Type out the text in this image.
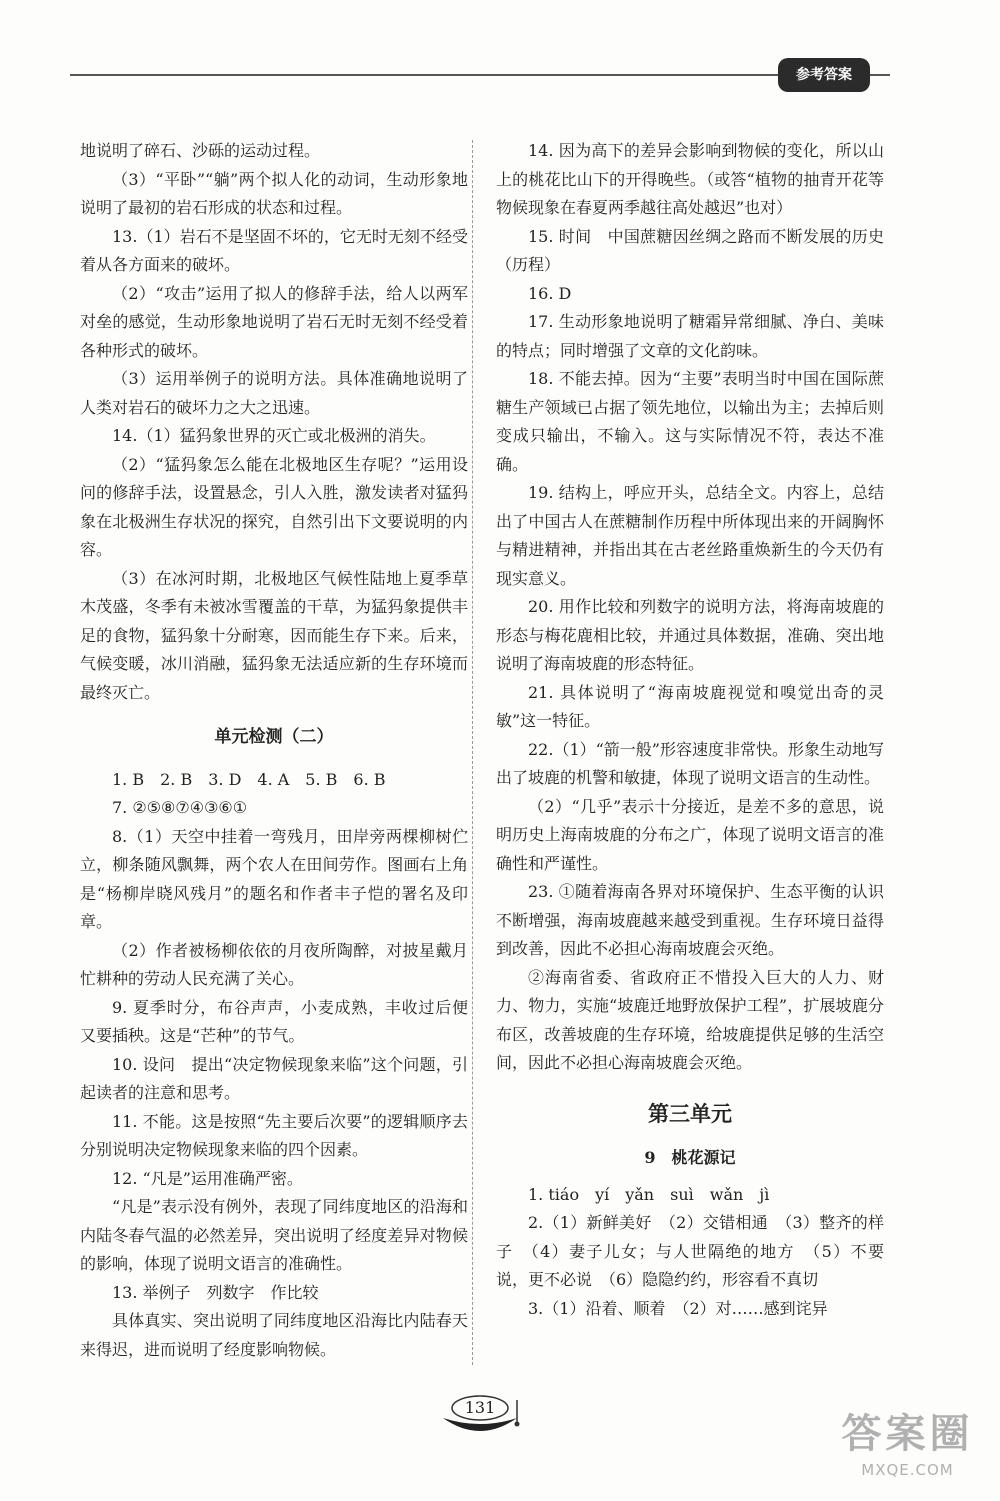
参考答案
地说明了碎石、沙砾的运动过程。
（3）“平卧”“躺”两个拟人化的动词，生动形象地说明了最初的岩石形成的状态和过程。
13.（1）岩石不是坚固不坏的，它无时无刻不经受着从各方面来的破坏。
（2）“攻击”运用了拟人的修辞手法，给人以两军对垒的感觉，生动形象地说明了岩石无时无刻不经受着各种形式的破坏。
（3）运用举例子的说明方法。具体准确地说明了人类对岩石的破坏力之大之迅速。
14.（1）猛犸象世界的灭亡或北极洲的消失。
（2）“猛犸象怎么能在北极地区生存呢？”运用设问的修辞手法，设置悬念，引人入胜，激发读者对猛犸象在北极洲生存状况的探究，自然引出下文要说明的内容。
（3）在冰河时期，北极地区气候性陆地上夏季草木茂盛，冬季有未被冰雪覆盖的干草，为猛犸象提供丰足的食物，猛犸象十分耐寒，因而能生存下来。后来，气候变暖，冰川消融，猛犸象无法适应新的生存环境而最终灭亡。
单元检测（二）
1. B　2. B　3. D　4. A　5. B　6. B
7. ②⑤⑧⑦④③⑥①
8.（1）天空中挂着一弯残月，田岸旁两棵柳树伫立，柳条随风飘舞，两个农人在田间劳作。图画右上角是“杨柳岸晓风残月”的题名和作者丰子恺的署名及印章。
（2）作者被杨柳依依的月夜所陶醉，对披星戴月忙耕种的劳动人民充满了关心。
9. 夏季时分，布谷声声，小麦成熟，丰收过后便又要插秧。这是“芒种”的节气。
10. 设问　提出“决定物候现象来临”这个问题，引起读者的注意和思考。
11. 不能。这是按照“先主要后次要”的逻辑顺序去分别说明决定物候现象来临的四个因素。
12. “凡是”运用准确严密。
“凡是”表示没有例外，表现了同纬度地区的沿海和内陆冬春气温的必然差异，突出说明了经度差异对物候的影响，体现了说明文语言的准确性。
13. 举例子　列数字　作比较
具体真实、突出说明了同纬度地区沿海比内陆春天来得迟，进而说明了经度影响物候。
14. 因为高下的差异会影响到物候的变化，所以山上的桃花比山下的开得晚些。（或答“植物的抽青开花等物候现象在春夏两季越往高处越迟”也对）
15. 时间　中国蔗糖因丝绸之路而不断发展的历史（历程）
16. D
17. 生动形象地说明了糖霜异常细腻、净白、美味的特点；同时增强了文章的文化韵味。
18. 不能去掉。因为“主要”表明当时中国在国际蔗糖生产领域已占据了领先地位，以输出为主；去掉后则变成只输出，不输入。这与实际情况不符，表达不准确。
19. 结构上，呼应开头，总结全文。内容上，总结出了中国古人在蔗糖制作历程中所体现出来的开阔胸怀与精进精神，并指出其在古老丝路重焕新生的今天仍有现实意义。
20. 用作比较和列数字的说明方法，将海南坡鹿的形态与梅花鹿相比较，并通过具体数据，准确、突出地说明了海南坡鹿的形态特征。
21. 具体说明了“海南坡鹿视觉和嗅觉出奇的灵敏”这一特征。
22.（1）“箭一般”形容速度非常快。形象生动地写出了坡鹿的机警和敏捷，体现了说明文语言的生动性。
（2）“几乎”表示十分接近，是差不多的意思，说明历史上海南坡鹿的分布之广，体现了说明文语言的准确性和严谨性。
23. ①随着海南各界对环境保护、生态平衡的认识不断增强，海南坡鹿越来越受到重视。生存环境日益得到改善，因此不必担心海南坡鹿会灭绝。
②海南省委、省政府正不惜投入巨大的人力、财力、物力，实施“坡鹿迁地野放保护工程”，扩展坡鹿分布区，改善坡鹿的生存环境，给坡鹿提供足够的生活空间，因此不必担心海南坡鹿会灭绝。
第三单元
9　桃花源记
1. tiáo　yí　yǎn　suì　wǎn　jì
2.（1）新鲜美好　（2）交错相通　（3）整齐的样子　（4）妻子儿女；与人世隔绝的地方　（5）不要说，更不必说　（6）隐隐约约，形容看不真切
3.（1）沿着、顺着　（2）对……感到诧异
131
答案圈
MXQE.COM
